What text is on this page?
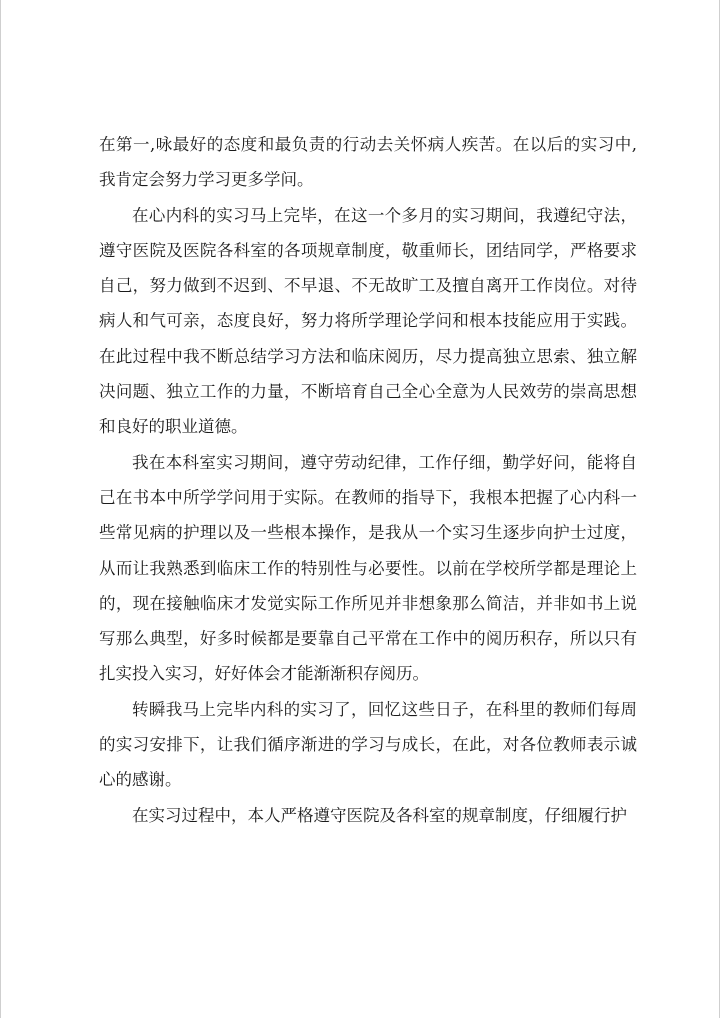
在第一,咏最好的态度和最负责的行动去关怀病人疾苦。在以后的实习中,我肯定会努力学习更多学问。

在心内科的实习马上完毕，在这一个多月的实习期间，我遵纪守法，遵守医院及医院各科室的各项规章制度，敬重师长，团结同学，严格要求自己，努力做到不迟到、不早退、不无故旷工及擅自离开工作岗位。对待病人和气可亲，态度良好，努力将所学理论学问和根本技能应用于实践。在此过程中我不断总结学习方法和临床阅历，尽力提高独立思索、独立解决问题、独立工作的力量，不断培育自己全心全意为人民效劳的崇高思想和良好的职业道德。

我在本科室实习期间，遵守劳动纪律，工作仔细，勤学好问，能将自己在书本中所学学问用于实际。在教师的指导下，我根本把握了心内科一些常见病的护理以及一些根本操作，是我从一个实习生逐步向护士过度，从而让我熟悉到临床工作的特别性与必要性。以前在学校所学都是理论上的，现在接触临床才发觉实际工作所见并非想象那么简洁，并非如书上说写那么典型，好多时候都是要靠自己平常在工作中的阅历积存，所以只有扎实投入实习，好好体会才能渐渐积存阅历。

转瞬我马上完毕内科的实习了，回忆这些日子，在科里的教师们每周的实习安排下，让我们循序渐进的学习与成长，在此，对各位教师表示诚心的感谢。

在实习过程中，本人严格遵守医院及各科室的规章制度，仔细履行护
